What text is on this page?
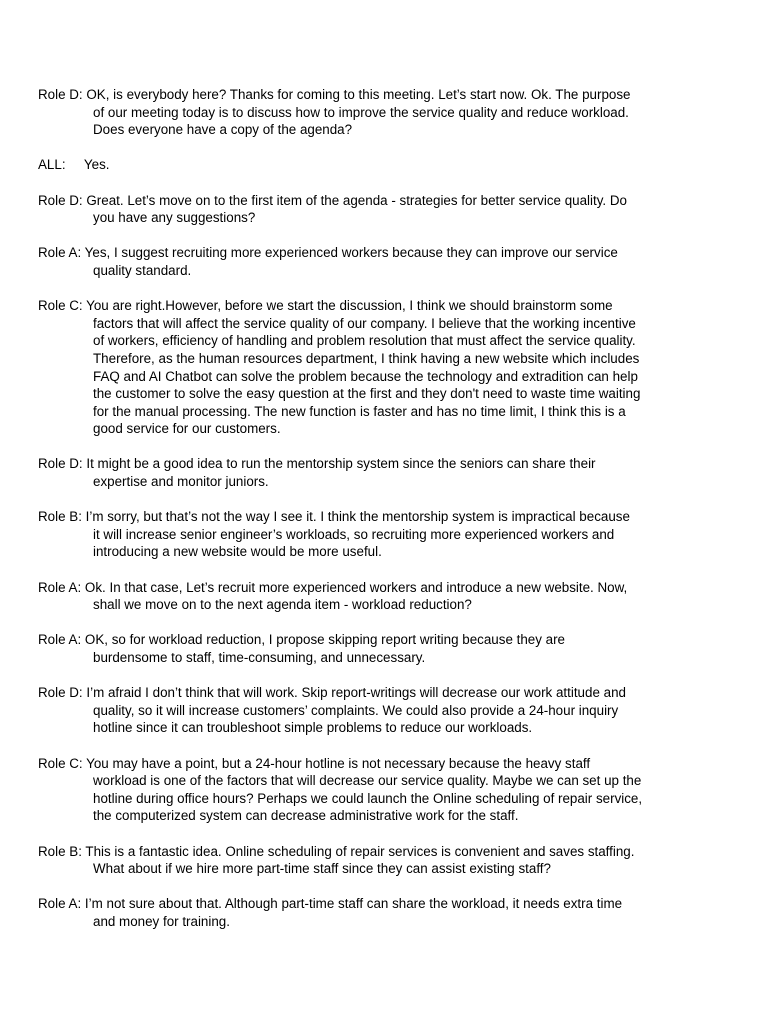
Role D: OK, is everybody here? Thanks for coming to this meeting. Let’s start now. Ok. The purpose
of our meeting today is to discuss how to improve the service quality and reduce workload.
Does everyone have a copy of the agenda?
ALL: Yes.
Role D: Great. Let’s move on to the first item of the agenda - strategies for better service quality. Do
you have any suggestions?
Role A: Yes, I suggest recruiting more experienced workers because they can improve our service
quality standard.
Role C: You are right.However, before we start the discussion, I think we should brainstorm some
factors that will affect the service quality of our company. I believe that the working incentive
of workers, efficiency of handling and problem resolution that must affect the service quality.
Therefore, as the human resources department, I think having a new website which includes
FAQ and AI Chatbot can solve the problem because the technology and extradition can help
the customer to solve the easy question at the first and they don't need to waste time waiting
for the manual processing. The new function is faster and has no time limit, I think this is a
good service for our customers.
Role D: It might be a good idea to run the mentorship system since the seniors can share their
expertise and monitor juniors.
Role B: I’m sorry, but that’s not the way I see it. I think the mentorship system is impractical because
it will increase senior engineer’s workloads, so recruiting more experienced workers and
introducing a new website would be more useful.
Role A: Ok. In that case, Let’s recruit more experienced workers and introduce a new website. Now,
shall we move on to the next agenda item - workload reduction?
Role A: OK, so for workload reduction, I propose skipping report writing because they are
burdensome to staff, time-consuming, and unnecessary.
Role D: I’m afraid I don’t think that will work. Skip report-writings will decrease our work attitude and
quality, so it will increase customers’ complaints. We could also provide a 24-hour inquiry
hotline since it can troubleshoot simple problems to reduce our workloads.
Role C: You may have a point, but a 24-hour hotline is not necessary because the heavy staff
workload is one of the factors that will decrease our service quality. Maybe we can set up the
hotline during office hours? Perhaps we could launch the Online scheduling of repair service,
the computerized system can decrease administrative work for the staff.
Role B: This is a fantastic idea. Online scheduling of repair services is convenient and saves staffing.
What about if we hire more part-time staff since they can assist existing staff?
Role A: I’m not sure about that. Although part-time staff can share the workload, it needs extra time
and money for training.
